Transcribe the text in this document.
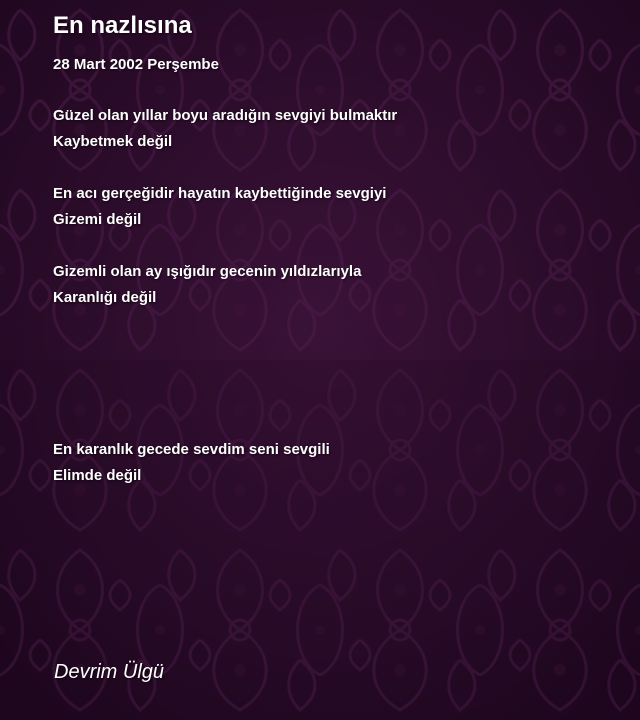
En nazlısına
28 Mart 2002 Perşembe

Güzel olan yıllar boyu aradığın sevgiyi bulmaktır
Kaybetmek değil

En acı gerçeğidir hayatın kaybettiğinde sevgiyi
Gizemi değil

Gizemli olan ay ışığıdır gecenin yıldızlarıyla
Karanlığı değil

En karanlık gecede sevdim seni sevgili
Elimde değil

Devrim Ülgü
